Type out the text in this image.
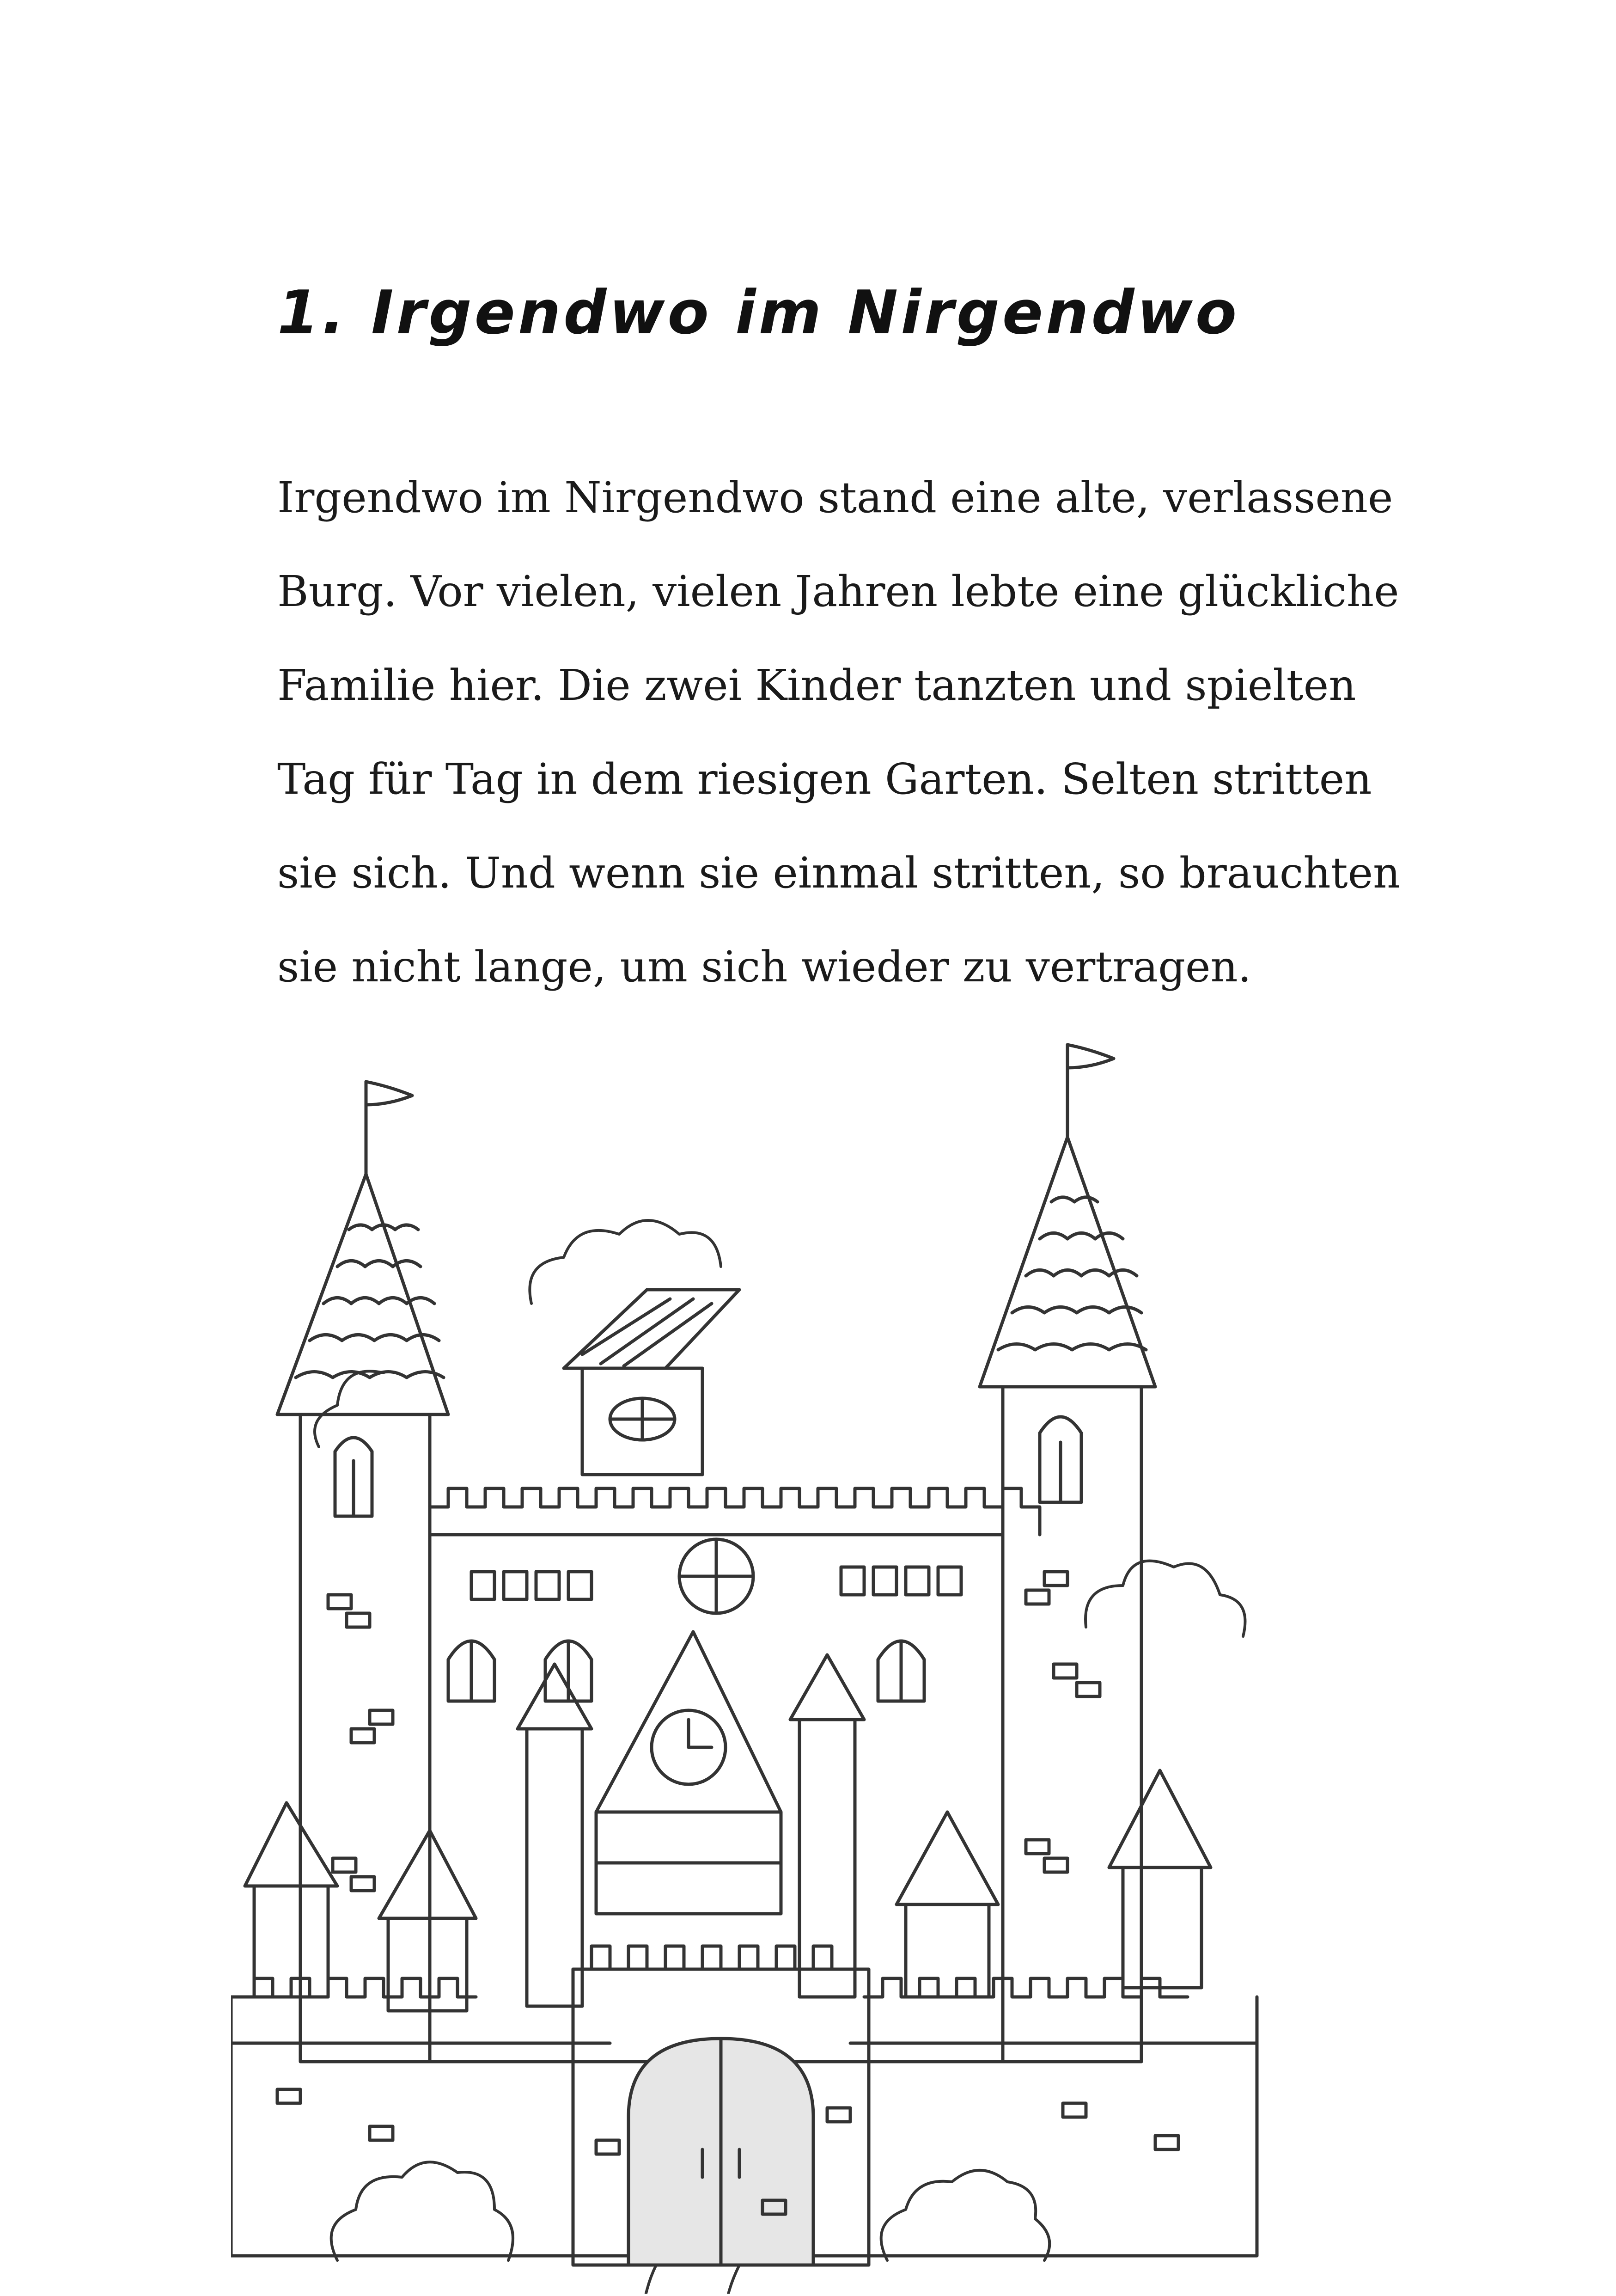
1. Irgendwo im Nirgendwo

Irgendwo im Nirgendwo stand eine alte, verlassene
Burg. Vor vielen, vielen Jahren lebte eine glückliche
Familie hier. Die zwei Kinder tanzten und spielten
Tag für Tag in dem riesigen Garten. Selten stritten
sie sich. Und wenn sie einmal stritten, so brauchten
sie nicht lange, um sich wieder zu vertragen.
